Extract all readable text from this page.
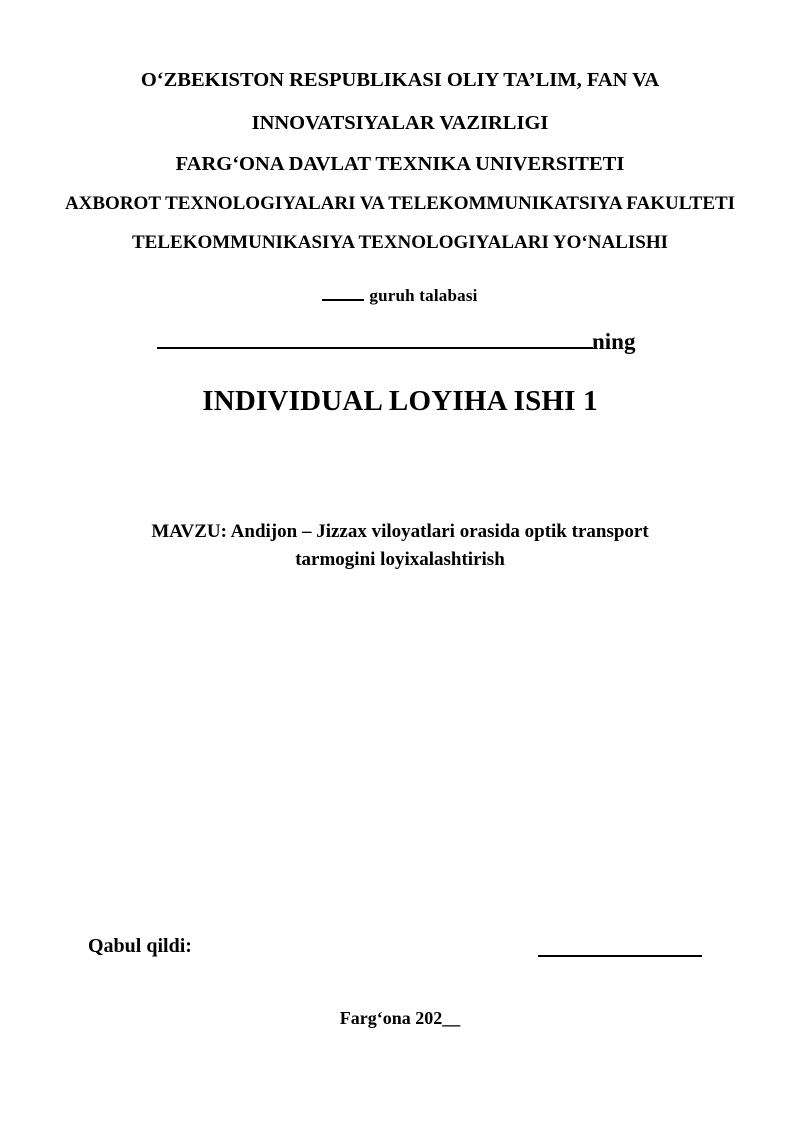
O‘ZBEKISTON RESPUBLIKASI OLIY TA’LIM, FAN VA
INNOVATSIYALAR VAZIRLIGI
FARG‘ONA DAVLAT TEXNIKA UNIVERSITETI
AXBOROT TEXNOLOGIYALARI VA TELEKOMMUNIKATSIYA FAKULTETI
TELEKOMMUNIKASIYA TEXNOLOGIYALARI YO‘NALISHI
guruh talabasi
ning
INDIVIDUAL LOYIHA ISHI 1
MAVZU: Andijon – Jizzax viloyatlari orasida optik transport tarmogini loyixalashtirish
Qabul qildi:
Farg‘ona 202__
